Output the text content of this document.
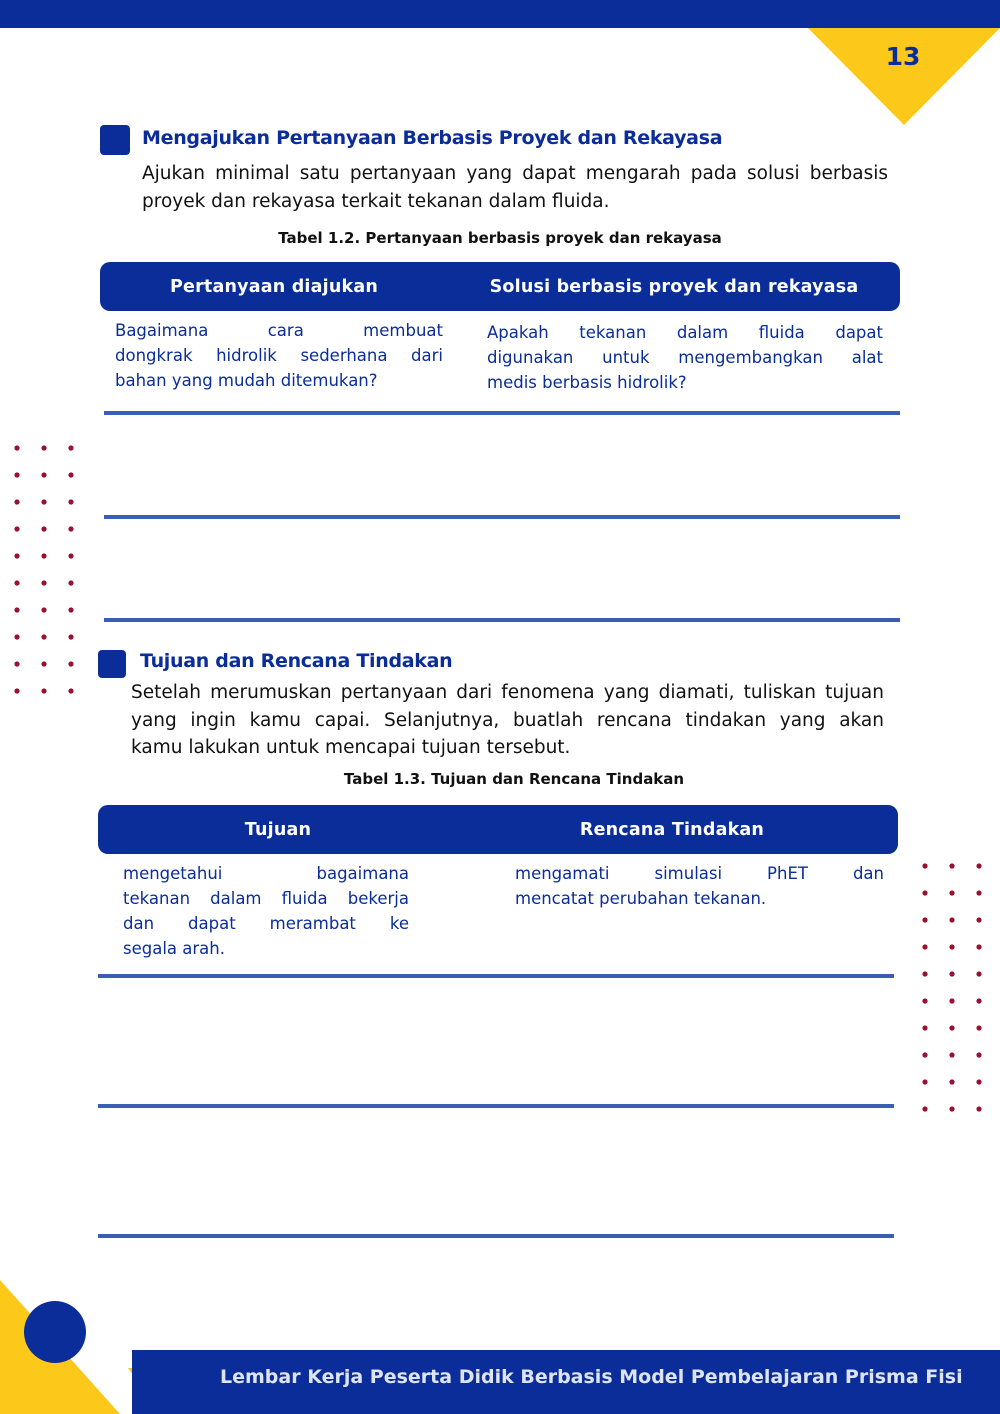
13
Mengajukan Pertanyaan Berbasis Proyek dan Rekayasa
Ajukan minimal satu pertanyaan yang dapat mengarah pada solusi berbasis
proyek dan rekayasa terkait tekanan dalam fluida.
Tabel 1.2. Pertanyaan berbasis proyek dan rekayasa
Pertanyaan diajukan	Solusi berbasis proyek dan rekayasa
Bagaimana cara membuat
dongkrak hidrolik sederhana dari
bahan yang mudah ditemukan?
Apakah tekanan dalam fluida dapat
digunakan untuk mengembangkan alat
medis berbasis hidrolik?
Tujuan dan Rencana Tindakan
Setelah merumuskan pertanyaan dari fenomena yang diamati, tuliskan tujuan
yang ingin kamu capai. Selanjutnya, buatlah rencana tindakan yang akan
kamu lakukan untuk mencapai tujuan tersebut.
Tabel 1.3. Tujuan dan Rencana Tindakan
Tujuan	Rencana Tindakan
mengetahui bagaimana
tekanan dalam fluida bekerja
dan dapat merambat ke
segala arah.
mengamati simulasi PhET dan
mencatat perubahan tekanan.
Lembar Kerja Peserta Didik Berbasis Model Pembelajaran Prisma Fisi
